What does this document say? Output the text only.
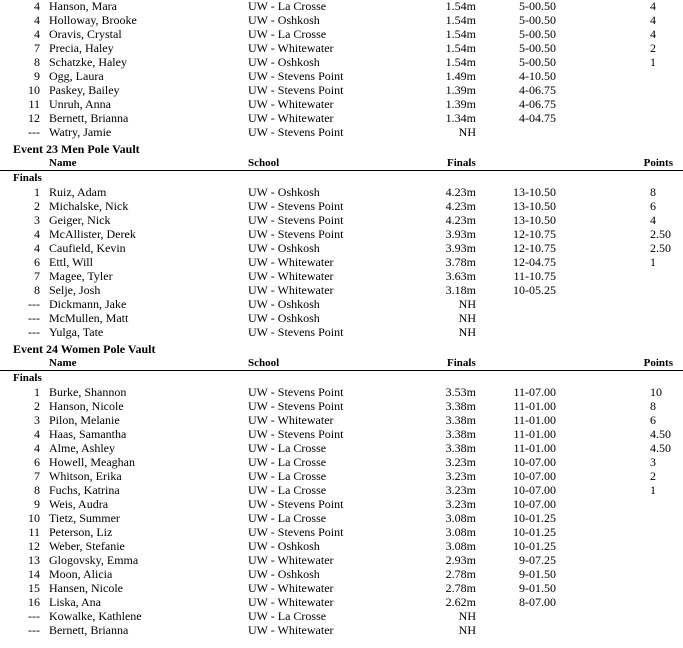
4 Hanson, Mara	UW - La Crosse	1.54m	5-00.50	4
4 Holloway, Brooke	UW - Oshkosh	1.54m	5-00.50	4
4 Oravis, Crystal	UW - La Crosse	1.54m	5-00.50	4
7 Precia, Haley	UW - Whitewater	1.54m	5-00.50	2
8 Schatzke, Haley	UW - Oshkosh	1.54m	5-00.50	1
9 Ogg, Laura	UW - Stevens Point	1.49m	4-10.50
10 Paskey, Bailey	UW - Stevens Point	1.39m	4-06.75
11 Unruh, Anna	UW - Whitewater	1.39m	4-06.75
12 Bernett, Brianna	UW - Whitewater	1.34m	4-04.75
--- Watry, Jamie	UW - Stevens Point	NH
Event 23 Men Pole Vault
Name	School	Finals	Points
Finals
1 Ruiz, Adam	UW - Oshkosh	4.23m	13-10.50	8
2 Michalske, Nick	UW - Stevens Point	4.23m	13-10.50	6
3 Geiger, Nick	UW - Stevens Point	4.23m	13-10.50	4
4 McAllister, Derek	UW - Stevens Point	3.93m	12-10.75	2.50
4 Caufield, Kevin	UW - Oshkosh	3.93m	12-10.75	2.50
6 Ettl, Will	UW - Whitewater	3.78m	12-04.75	1
7 Magee, Tyler	UW - Whitewater	3.63m	11-10.75
8 Selje, Josh	UW - Whitewater	3.18m	10-05.25
--- Dickmann, Jake	UW - Oshkosh	NH
--- McMullen, Matt	UW - Oshkosh	NH
--- Yulga, Tate	UW - Stevens Point	NH
Event 24 Women Pole Vault
Name	School	Finals	Points
Finals
1 Burke, Shannon	UW - Stevens Point	3.53m	11-07.00	10
2 Hanson, Nicole	UW - Stevens Point	3.38m	11-01.00	8
3 Pilon, Melanie	UW - Whitewater	3.38m	11-01.00	6
4 Haas, Samantha	UW - Stevens Point	3.38m	11-01.00	4.50
4 Alme, Ashley	UW - La Crosse	3.38m	11-01.00	4.50
6 Howell, Meaghan	UW - La Crosse	3.23m	10-07.00	3
7 Whitson, Erika	UW - La Crosse	3.23m	10-07.00	2
8 Fuchs, Katrina	UW - La Crosse	3.23m	10-07.00	1
9 Weis, Audra	UW - Stevens Point	3.23m	10-07.00
10 Tietz, Summer	UW - La Crosse	3.08m	10-01.25
11 Peterson, Liz	UW - Stevens Point	3.08m	10-01.25
12 Weber, Stefanie	UW - Oshkosh	3.08m	10-01.25
13 Glogovsky, Emma	UW - Whitewater	2.93m	9-07.25
14 Moon, Alicia	UW - Oshkosh	2.78m	9-01.50
15 Hansen, Nicole	UW - Whitewater	2.78m	9-01.50
16 Liska, Ana	UW - Whitewater	2.62m	8-07.00
--- Kowalke, Kathlene	UW - La Crosse	NH
--- Bernett, Brianna	UW - Whitewater	NH
